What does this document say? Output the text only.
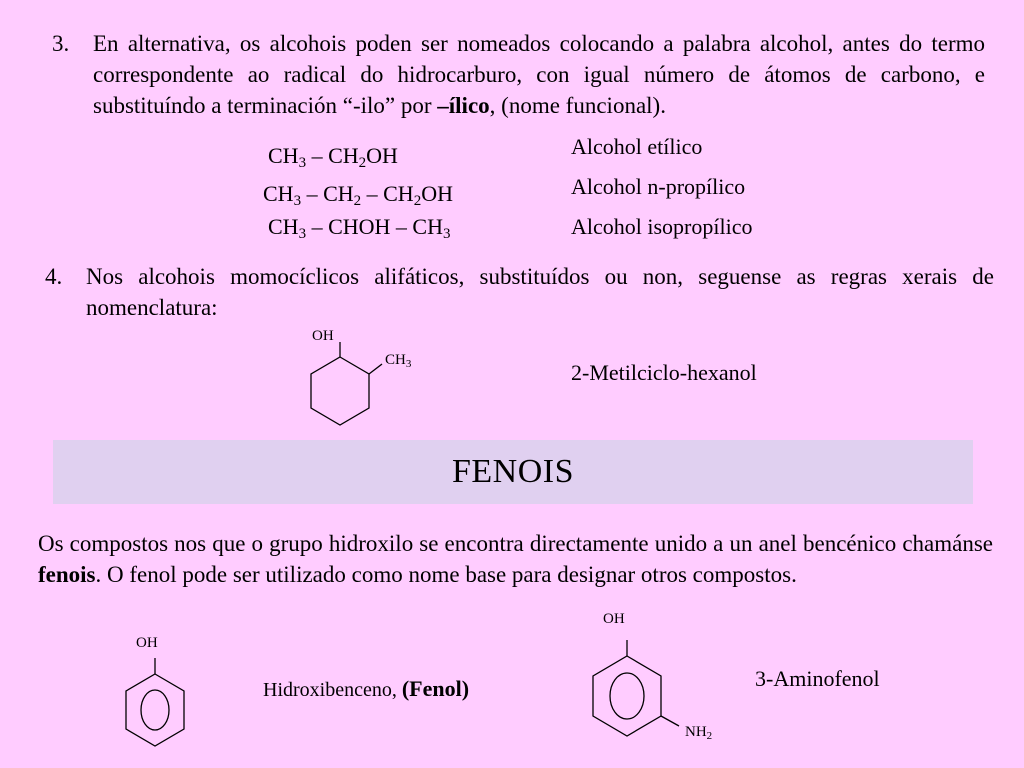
3. En alternativa, os alcohois poden ser nomeados colocando a palabra alcohol, antes do termo correspondente ao radical do hidrocarburo, con igual número de átomos de carbono, e substituíndo a terminación “-ilo” por –ílico, (nome funcional).
$CH_3 - CH_2OH$	Alcohol etílico
$CH_3 - CH_2 - CH_2OH$	Alcohol n-propílico
$CH_3$ – CHOH – $CH_3$	Alcohol isopropílico
4. Nos alcohois momocíclicos alifáticos, substituídos ou non, seguense as regras xerais de nomenclatura:
OH
$CH_3$	2-Metilciclo-hexanol
FENOIS
Os compostos nos que o grupo hidroxilo se encontra directamente unido a un anel bencénico chamánse fenois. O fenol pode ser utilizado como nome base para designar otros compostos.
OH
Hidroxibenceno, (Fenol)
OH
$NH_2$
3-Aminofenol
